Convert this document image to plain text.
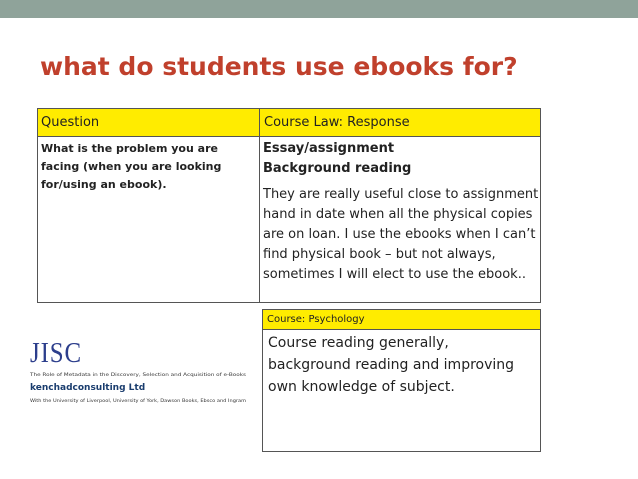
what do students use ebooks for?
Question	Course Law: Response
What is the problem you are facing (when you are looking for/using an ebook).
Essay/assignment
Background reading
They are really useful close to assignment hand in date when all the physical copies are on loan. I use the ebooks when I can’t find physical book – but not always, sometimes I will elect to use the ebook..
Course: Psychology
Course reading generally, background reading and improving own knowledge of subject.
JISC
The Role of Metadata in the Discovery, Selection and Acquisition of e-Books
kenchadconsulting Ltd
With the University of Liverpool, University of York, Dawson Books, Ebsco and Ingram
